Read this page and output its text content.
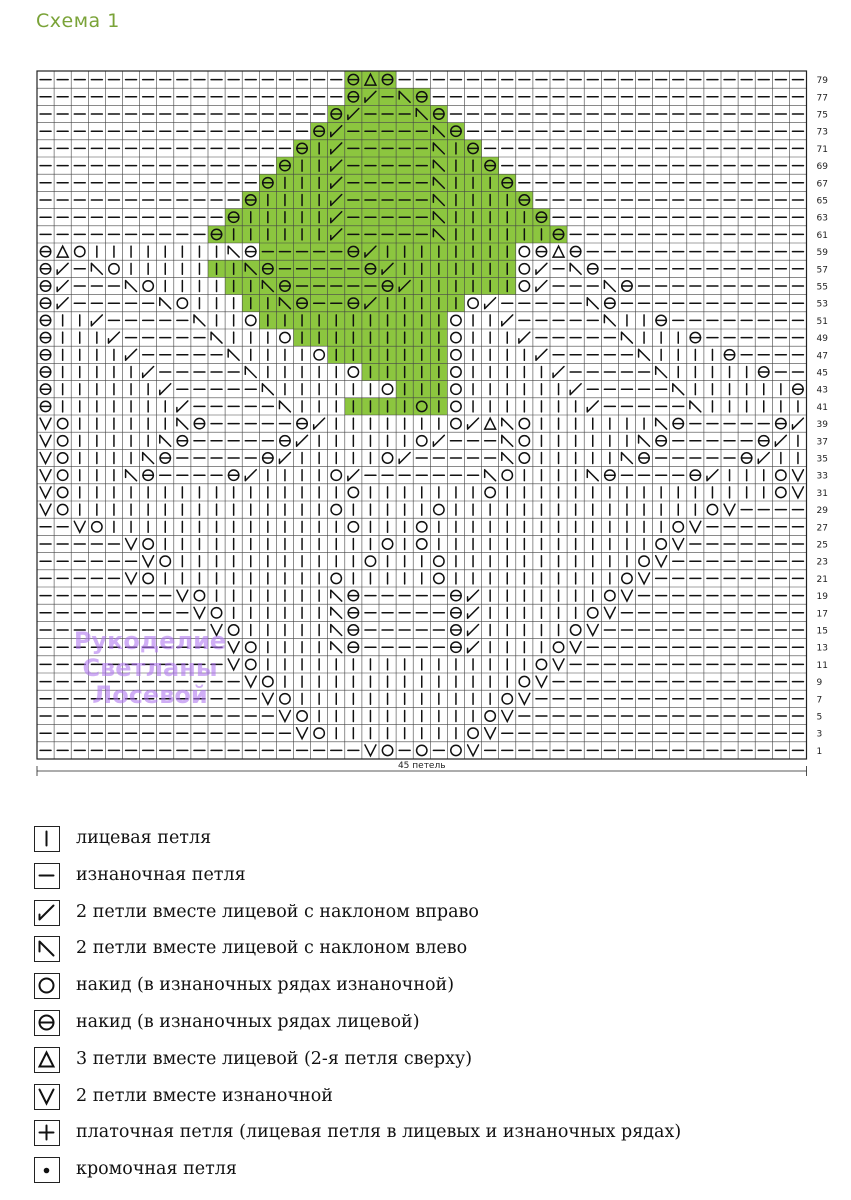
Схема 1
79
77
75
73
71
69
67
65
63
61
59
57
55
53
51
49
47
45
43
41
39
37
35
33
31
29
27
25
23
21
19
17
15
13
11
9
7
5
3
1
45 петель
Рукоделие
Светланы
Лосевой
лицевая петля
изнаночная петля
2 петли вместе лицевой с наклоном вправо
2 петли вместе лицевой с наклоном влево
накид (в изнаночных рядах изнаночной)
накид (в изнаночных рядах лицевой)
3 петли вместе лицевой (2-я петля сверху)
2 петли вместе изнаночной
платочная петля (лицевая петля в лицевых и изнаночных рядах)
кромочная петля
